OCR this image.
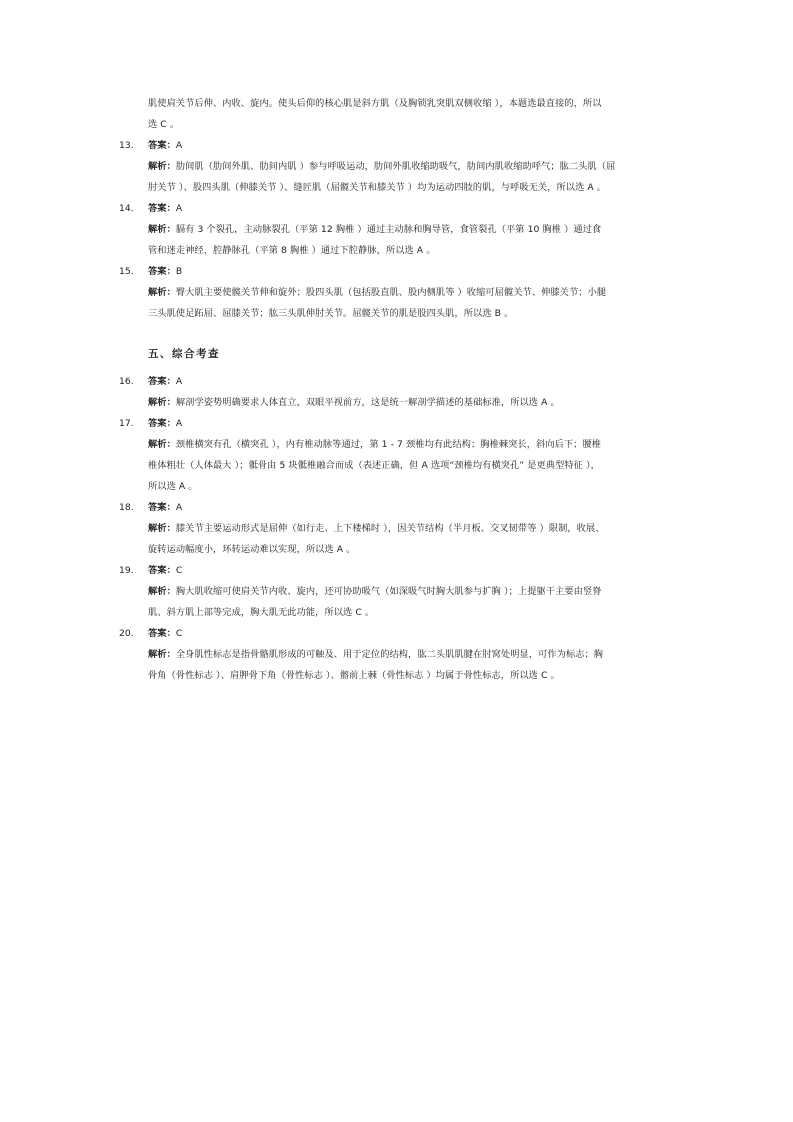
肌使肩关节后伸、内收、旋内。使头后仰的核心肌是斜方肌（及胸锁乳突肌双侧收缩 ），本题选最直接的，所以
选 C 。
13. 答案：A
解析：肋间肌（肋间外肌、肋间内肌 ）参与呼吸运动，肋间外肌收缩助吸气，肋间内肌收缩助呼气；肱二头肌（屈
肘关节 ）、股四头肌（伸膝关节 ）、缝匠肌（屈髋关节和膝关节 ）均为运动四肢的肌，与呼吸无关，所以选 A 。
14. 答案：A
解析：膈有 3 个裂孔，主动脉裂孔（平第 12 胸椎 ）通过主动脉和胸导管，食管裂孔（平第 10 胸椎 ）通过食
管和迷走神经，腔静脉孔（平第 8 胸椎 ）通过下腔静脉，所以选 A 。
15. 答案：B
解析：臀大肌主要使髋关节伸和旋外；股四头肌（包括股直肌、股内侧肌等 ）收缩可屈髋关节、伸膝关节；小腿
三头肌使足跖屈、屈膝关节；肱三头肌伸肘关节。屈髋关节的肌是股四头肌，所以选 B 。
五、综合考查
16. 答案：A
解析：解剖学姿势明确要求人体直立，双眼平视前方，这是统一解剖学描述的基础标准，所以选 A 。
17. 答案：A
解析：颈椎横突有孔（横突孔 ），内有椎动脉等通过，第 1 - 7 颈椎均有此结构；胸椎棘突长，斜向后下；腰椎
椎体粗壮（人体最大 ）；骶骨由 5 块骶椎融合而成（表述正确，但 A 选项“颈椎均有横突孔” 是更典型特征 ），
所以选 A 。
18. 答案：A
解析：膝关节主要运动形式是屈伸（如行走、上下楼梯时 ），因关节结构（半月板、交叉韧带等 ）限制，收展、
旋转运动幅度小，环转运动难以实现，所以选 A 。
19. 答案：C
解析：胸大肌收缩可使肩关节内收、旋内，还可协助吸气（如深吸气时胸大肌参与扩胸 ）；上提躯干主要由竖脊
肌、斜方肌上部等完成，胸大肌无此功能，所以选 C 。
20. 答案：C
解析：全身肌性标志是指骨骼肌形成的可触及、用于定位的结构，肱二头肌肌腱在肘窝处明显，可作为标志；胸
骨角（骨性标志 ）、肩胛骨下角（骨性标志 ）、髂前上棘（骨性标志 ）均属于骨性标志，所以选 C 。
